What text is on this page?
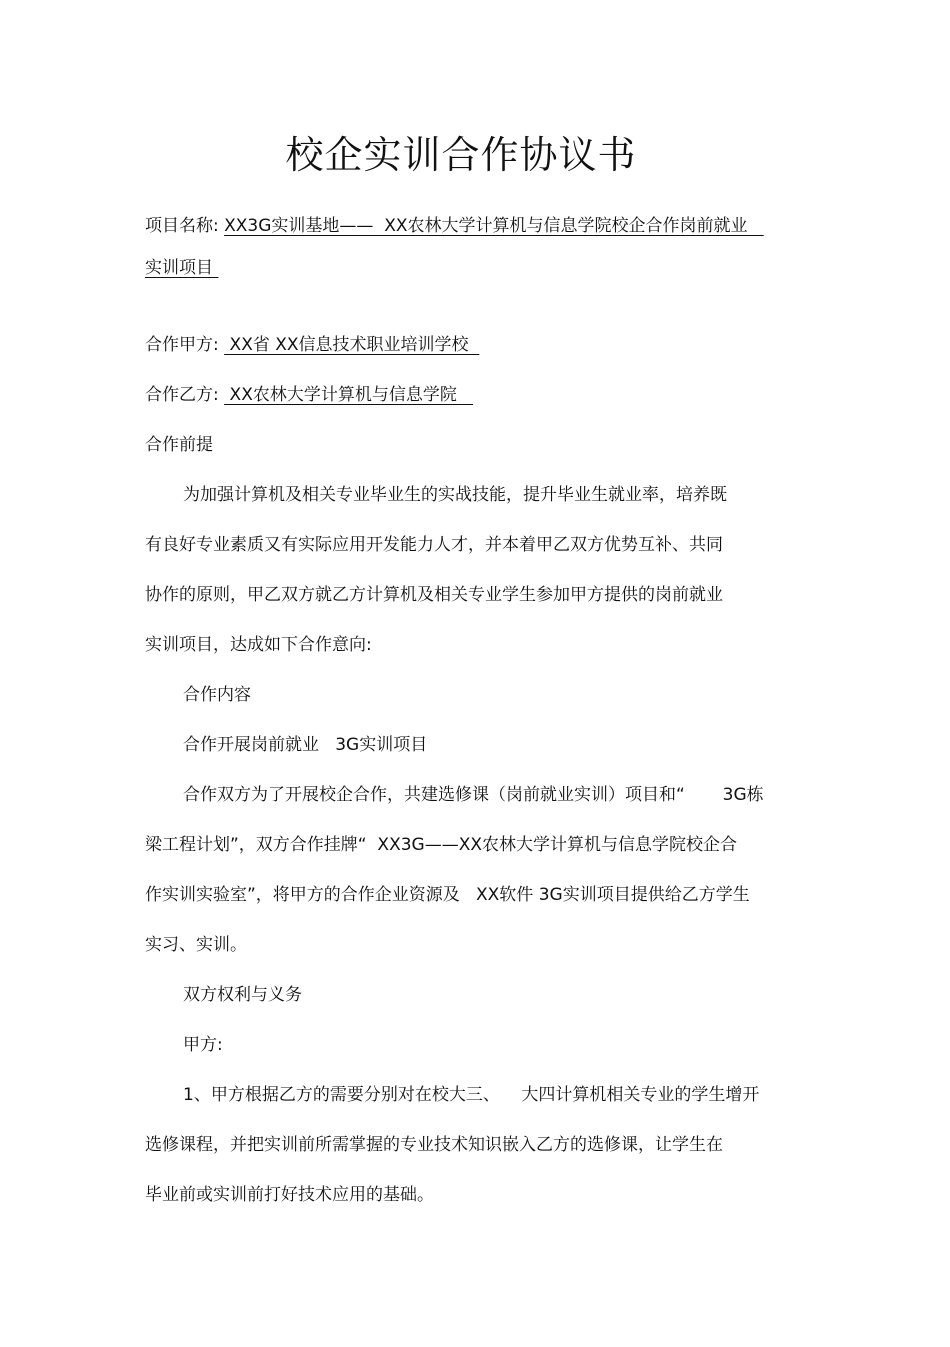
校企实训合作协议书
项目名称: XX3G实训基地——  XX农林大学计算机与信息学院校企合作岗前就业
实训项目
合作甲方:  XX省 XX信息技术职业培训学校
合作乙方:  XX农林大学计算机与信息学院
合作前提
为加强计算机及相关专业毕业生的实战技能，提升毕业生就业率，培养既
有良好专业素质又有实际应用开发能力人才，并本着甲乙双方优势互补、共同
协作的原则，甲乙双方就乙方计算机及相关专业学生参加甲方提供的岗前就业
实训项目，达成如下合作意向:
合作内容
合作开展岗前就业   3G实训项目
合作双方为了开展校企合作，共建选修课（岗前就业实训）项目和“       3G栋
梁工程计划”，双方合作挂牌“  XX3G——XX农林大学计算机与信息学院校企合
作实训实验室”，将甲方的合作企业资源及   XX软件 3G实训项目提供给乙方学生
实习、实训。
双方权利与义务
甲方:
1、甲方根据乙方的需要分别对在校大三、    大四计算机相关专业的学生增开
选修课程，并把实训前所需掌握的专业技术知识嵌入乙方的选修课，让学生在
毕业前或实训前打好技术应用的基础。
